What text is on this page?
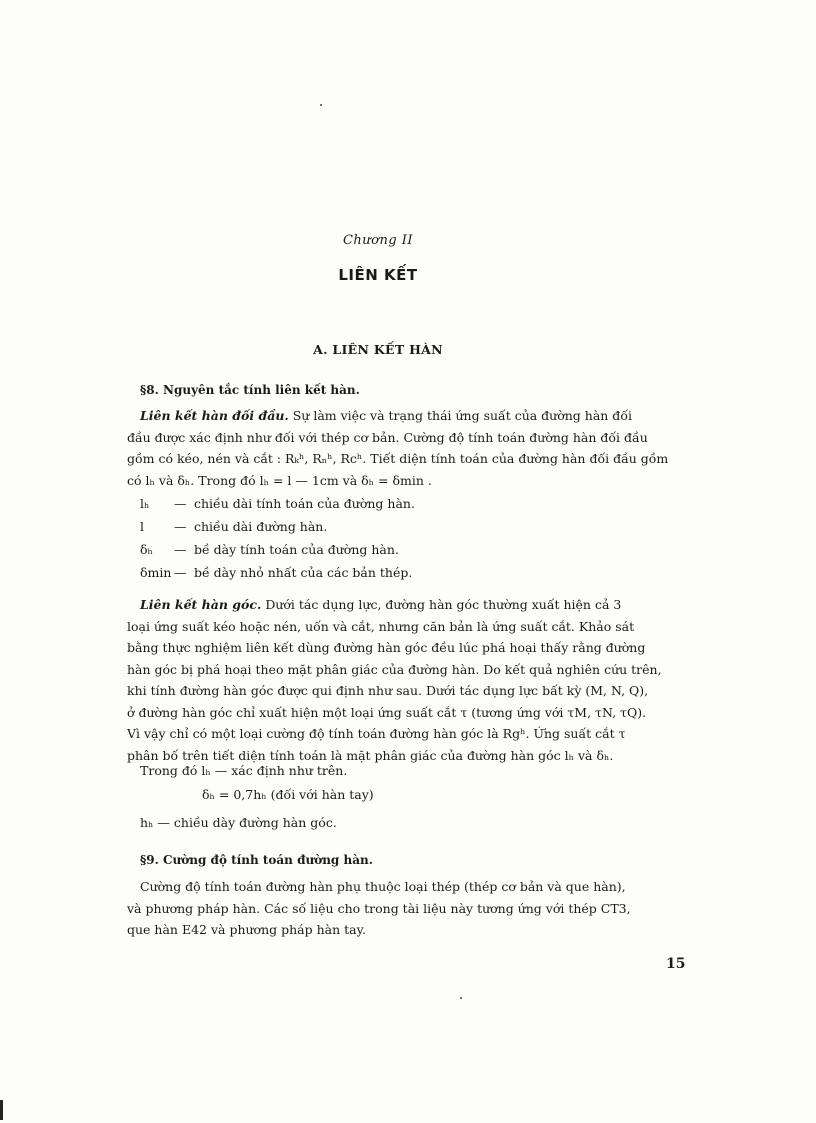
Chương II
LIÊN KẾT
A. LIÊN KẾT HÀN
§8. Nguyên tắc tính liên kết hàn.
Liên kết hàn đối đầu. Sự làm việc và trạng thái ứng suất của đường hàn đối
đầu được xác định như đối với thép cơ bản. Cường độ tính toán đường hàn đối đầu
gồm có kéo, nén và cắt : Rₖʰ, Rₙʰ, Rcʰ. Tiết diện tính toán của đường hàn đối đầu gồm
có lₕ và δₕ. Trong đó lₕ = l — 1cm và δₕ = δmin .
lₕ	— chiều dài tính toán của đường hàn.
l	— chiều dài đường hàn.
δₕ	— bề dày tính toán của đường hàn.
δmin — bề dày nhỏ nhất của các bản thép.
Liên kết hàn góc. Dưới tác dụng lực, đường hàn góc thường xuất hiện cả 3
loại ứng suất kéo hoặc nén, uốn và cắt, nhưng căn bản là ứng suất cắt. Khảo sát
bằng thực nghiệm liên kết dùng đường hàn góc đều lúc phá hoại thấy rằng đường
hàn góc bị phá hoại theo mặt phân giác của đường hàn. Do kết quả nghiên cứu trên,
khi tính đường hàn góc được qui định như sau. Dưới tác dụng lực bất kỳ (M, N, Q),
ở đường hàn góc chỉ xuất hiện một loại ứng suất cắt τ (tương ứng với τM, τN, τQ).
Vì vậy chỉ có một loại cường độ tính toán đường hàn góc là Rgʰ. Ứng suất cắt τ
phân bố trên tiết diện tính toán là mặt phân giác của đường hàn góc lₕ và δₕ.
Trong đó lₕ — xác định như trên.
δₕ = 0,7hₕ (đối với hàn tay)
hₕ — chiều dày đường hàn góc.
§9. Cường độ tính toán đường hàn.
Cường độ tính toán đường hàn phụ thuộc loại thép (thép cơ bản và que hàn),
và phương pháp hàn. Các số liệu cho trong tài liệu này tương ứng với thép CT3,
que hàn E42 và phương pháp hàn tay.
15
